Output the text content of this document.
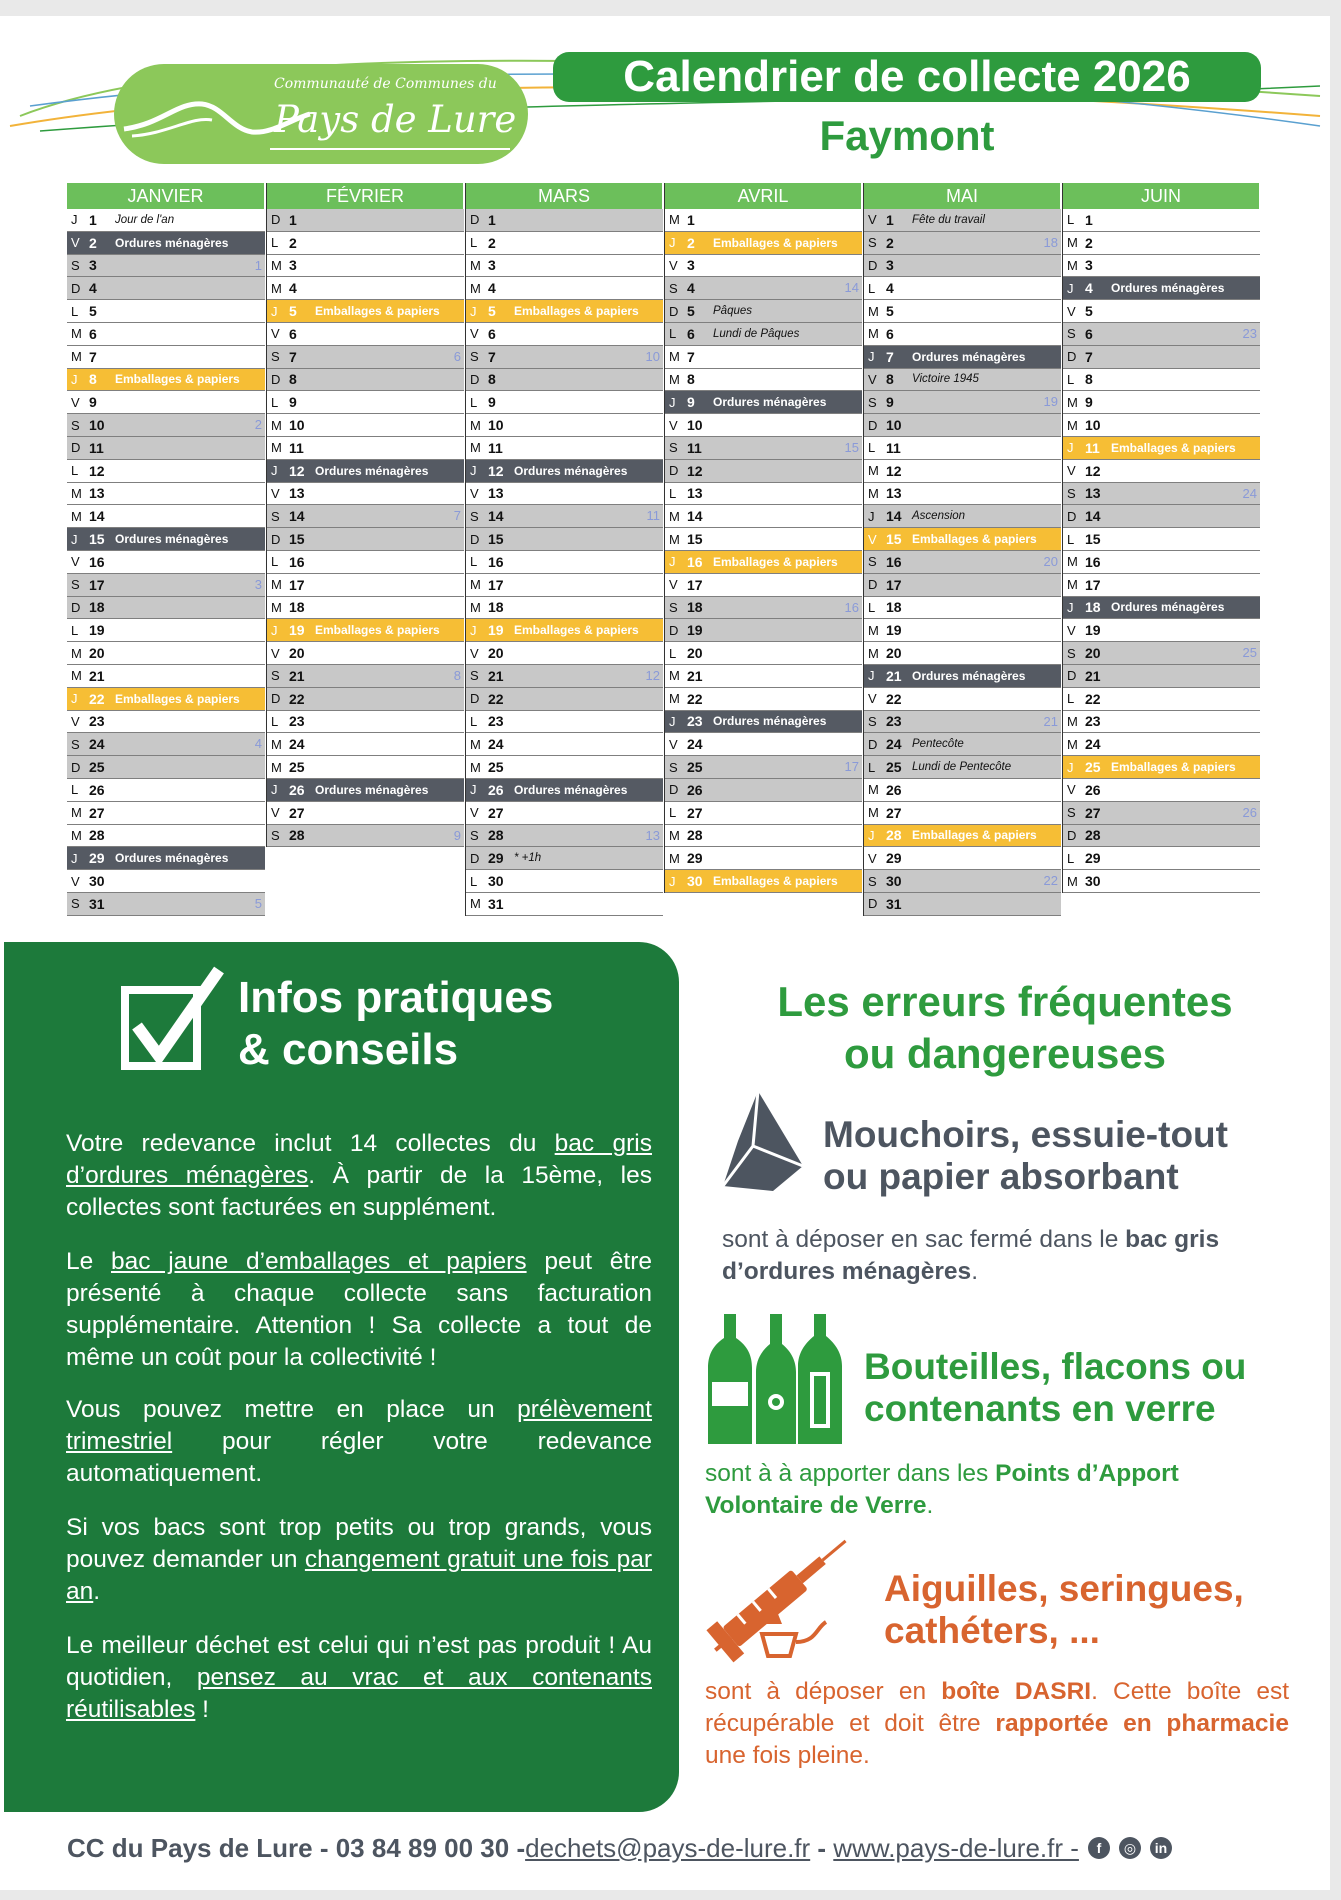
Communauté de Communes du
Pays de Lure
Calendrier de collecte 2026
Faymont
JANVIER
J 1	Jour de l'an
V 2	Ordures ménagères
S 3	1
D 4
L 5
M 6
M 7
J 8	Emballages & papiers
V 9
S 10	2
D 11
L 12
M 13
M 14
J 15 Ordures ménagères
V 16
S 17	3
D 18
L 19
M 20
M 21
J 22 Emballages & papiers
V 23
S 24	4
D 25
L 26
M 27
M 28
J 29 Ordures ménagères
V 30
S 31	5
FÉVRIER
D 1
L 2
M 3
M 4
J 5	Emballages & papiers
V 6
S 7	6
D 8
L 9
M 10
M 11
J 12 Ordures ménagères
V 13
S 14	7
D 15
L 16
M 17
M 18
J 19 Emballages & papiers
V 20
S 21	8
D 22
L 23
M 24
M 25
J 26 Ordures ménagères
V 27
S 28	9
MARS
D 1
L 2
M 3
M 4
J 5	Emballages & papiers
V 6
S 7	10
D 8
L 9
M 10
M 11
J 12 Ordures ménagères
V 13
S 14	11
D 15
L 16
M 17
M 18
J 19 Emballages & papiers
V 20
S 21	12
D 22
L 23
M 24
M 25
J 26 Ordures ménagères
V 27
S 28	13
D 29 * +1h
L 30
M 31
AVRIL
M 1
J 2	Emballages & papiers
V 3
S 4	14
D 5	Pâques
L 6	Lundi de Pâques
M 7
M 8
J 9	Ordures ménagères
V 10
S 11	15
D 12
L 13
M 14
M 15
J 16 Emballages & papiers
V 17
S 18	16
D 19
L 20
M 21
M 22
J 23 Ordures ménagères
V 24
S 25	17
D 26
L 27
M 28
M 29
J 30 Emballages & papiers
MAI
V 1	Fête du travail
S 2	18
D 3
L 4
M 5
M 6
J 7	Ordures ménagères
V 8	Victoire 1945
S 9	19
D 10
L 11
M 12
M 13
J 14 Ascension
V 15 Emballages & papiers
S 16	20
D 17
L 18
M 19
M 20
J 21 Ordures ménagères
V 22
S 23	21
D 24 Pentecôte
L 25 Lundi de Pentecôte
M 26
M 27
J 28 Emballages & papiers
V 29
S 30	22
D 31
JUIN
L 1
M 2
M 3
J 4	Ordures ménagères
V 5
S 6	23
D 7
L 8
M 9
M 10
J 11 Emballages & papiers
V 12
S 13	24
D 14
L 15
M 16
M 17
J 18 Ordures ménagères
V 19
S 20	25
D 21
L 22
M 23
M 24
J 25 Emballages & papiers
V 26
S 27	26
D 28
L 29
M 30
Infos pratiques
& conseils
Votre redevance inclut 14 collectes du bac gris d’ordures ménagères. À partir de la 15ème, les collectes sont facturées en supplément.
Le bac jaune d’emballages et papiers peut être présenté à chaque collecte sans facturation supplémentaire. Attention ! Sa collecte a tout de même un coût pour la collectivité !
Vous pouvez mettre en place un prélèvement trimestriel pour régler votre redevance automatiquement.
Si vos bacs sont trop petits ou trop grands, vous pouvez demander un changement gratuit une fois par an.
Le meilleur déchet est celui qui n’est pas produit ! Au quotidien, pensez au vrac et aux contenants réutilisables !
Les erreurs fréquentes
ou dangereuses
Mouchoirs, essuie-tout
ou papier absorbant
sont à déposer en sac fermé dans le bac gris d’ordures ménagères.
Bouteilles, flacons ou
contenants en verre
sont à à apporter dans les Points d’Apport Volontaire de Verre.
Aiguilles, seringues,
cathéters, ...
sont à déposer en boîte DASRI. Cette boîte est récupérable et doit être rapportée en pharmacie une fois pleine.
CC du Pays de Lure - 03 84 89 00 30 - dechets@pays-de-lure.fr - www.pays-de-lure.fr -	f	◎	in
